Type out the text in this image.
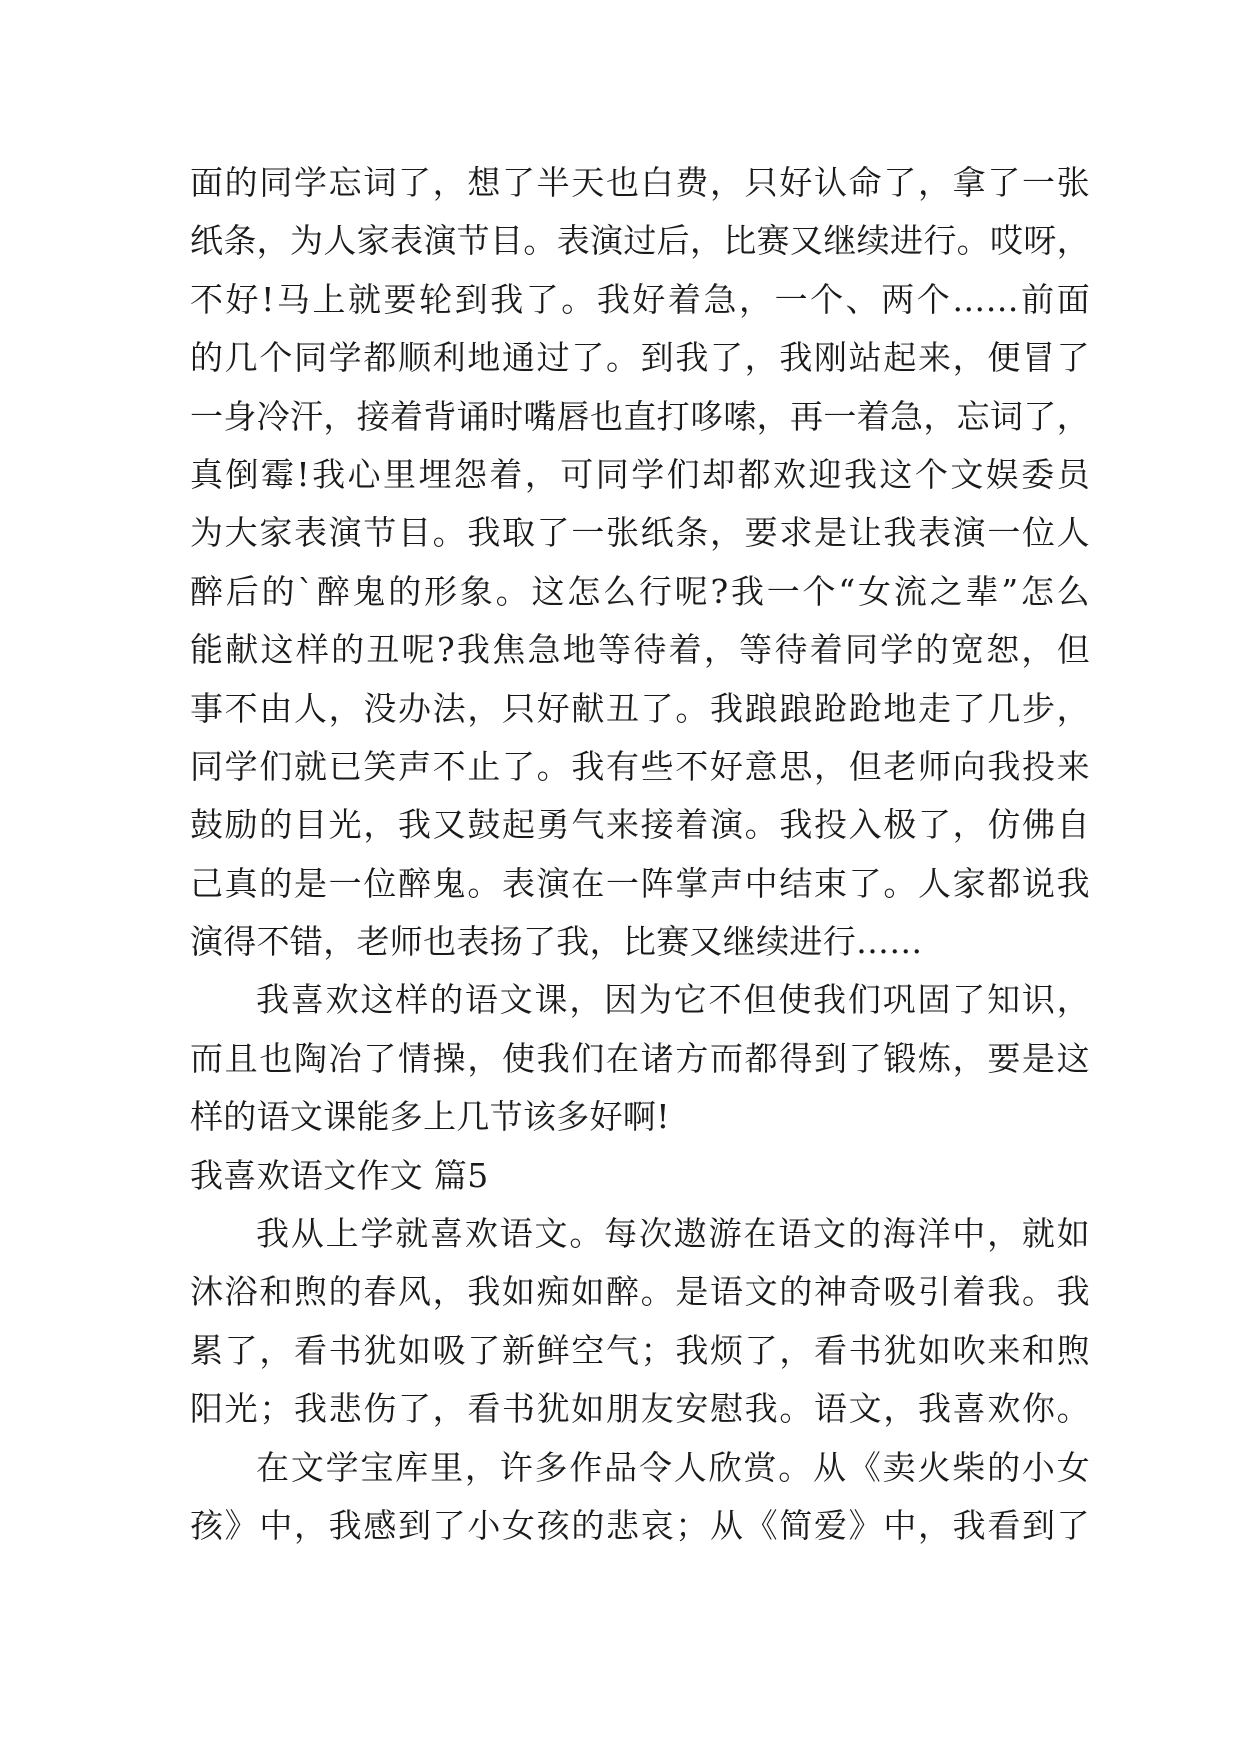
面的同学忘词了，想了半天也白费，只好认命了，拿了一张
纸条，为人家表演节目。表演过后，比赛又继续进行。哎呀，
不好!马上就要轮到我了。我好着急，一个、两个……前面
的几个同学都顺利地通过了。到我了，我刚站起来，便冒了
一身冷汗，接着背诵时嘴唇也直打哆嗦，再一着急，忘词了，
真倒霉!我心里埋怨着，可同学们却都欢迎我这个文娱委员
为大家表演节目。我取了一张纸条，要求是让我表演一位人
醉后的`醉鬼的形象。这怎么行呢?我一个“女流之辈”怎么
能献这样的丑呢?我焦急地等待着，等待着同学的宽恕，但
事不由人，没办法，只好献丑了。我踉踉跄跄地走了几步，
同学们就已笑声不止了。我有些不好意思，但老师向我投来
鼓励的目光，我又鼓起勇气来接着演。我投入极了，仿佛自
己真的是一位醉鬼。表演在一阵掌声中结束了。人家都说我
演得不错，老师也表扬了我，比赛又继续进行……
我喜欢这样的语文课，因为它不但使我们巩固了知识，
而且也陶冶了情操，使我们在诸方而都得到了锻炼，要是这
样的语文课能多上几节该多好啊!
我喜欢语文作文 篇5
我从上学就喜欢语文。每次遨游在语文的海洋中，就如
沐浴和煦的春风，我如痴如醉。是语文的神奇吸引着我。我
累了，看书犹如吸了新鲜空气；我烦了，看书犹如吹来和煦
阳光；我悲伤了，看书犹如朋友安慰我。语文，我喜欢你。
在文学宝库里，许多作品令人欣赏。从《卖火柴的小女
孩》中，我感到了小女孩的悲哀；从《简爱》中，我看到了
